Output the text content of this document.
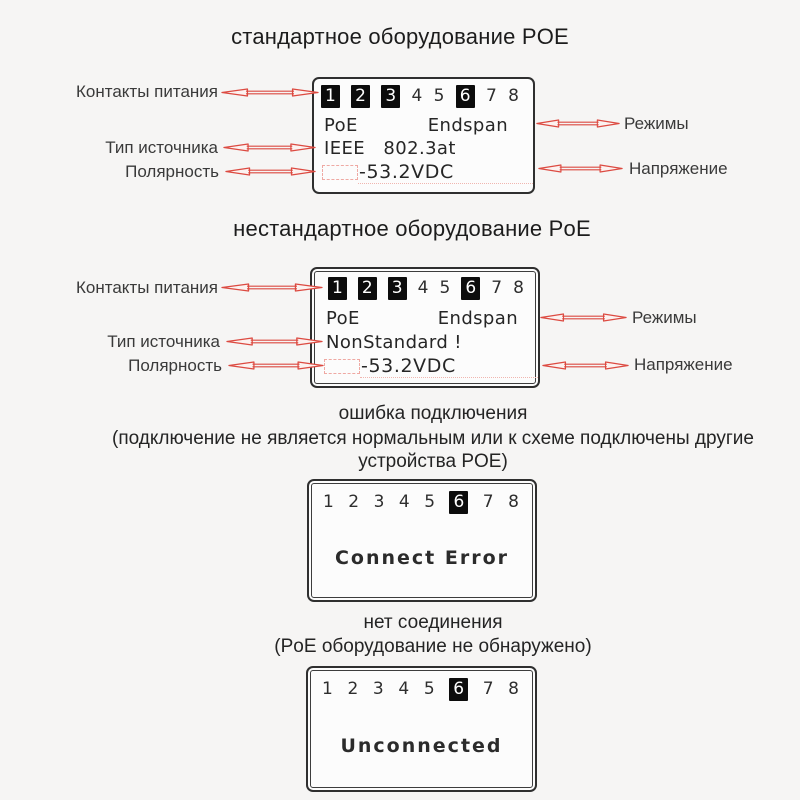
стандартное оборудование POE
1 2 3 4 5 6 7 8
PoE	Endspan
IEEE   802.3at
-53.2VDC
Контакты питания
Тип источника
Полярность
Режимы
Напряжение
нестандартное оборудование PoE
1 2 3 4 5 6 7 8
PoE	Endspan
NonStandard !
-53.2VDC
Контакты питания
Тип источника
Полярность
Режимы
Напряжение
ошибка подключения
(подключение не является нормальным или к схеме подключены другие устройства POE)
1 2 3 4 5 6 7 8
Connect Error
нет соединения
(PoE оборудование не обнаружено)
1 2 3 4 5 6 7 8
Unconnected
